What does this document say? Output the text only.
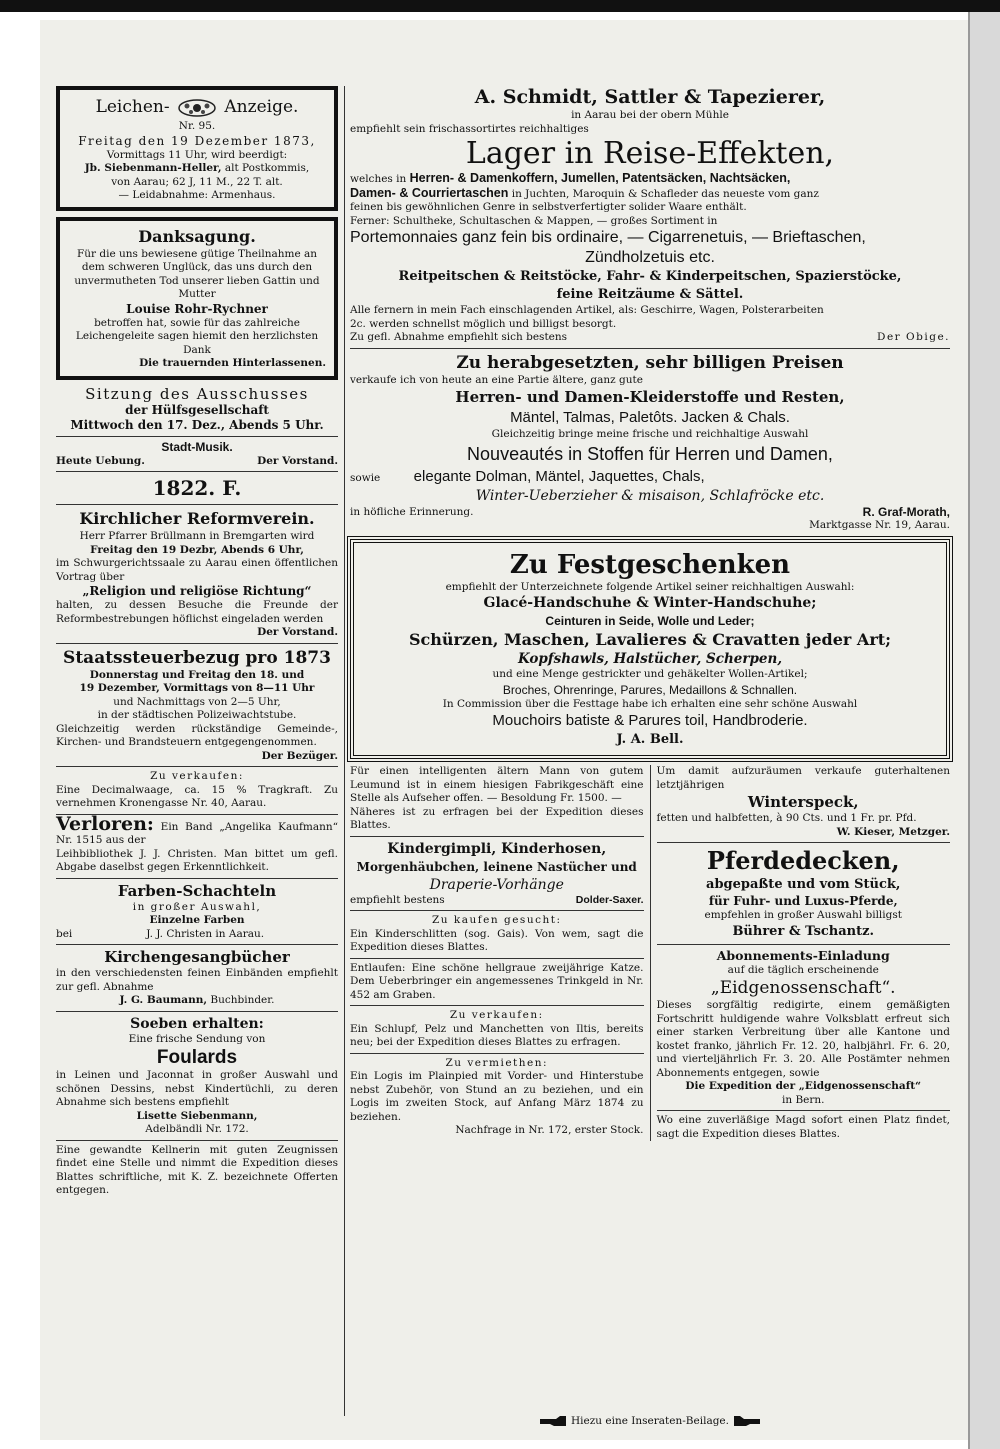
Leichen-	Anzeige.

Nr. 95.

Freitag den 19 Dezember 1873,

Vormittags 11 Uhr, wird beerdigt:

Jb. Siebenmann-Heller, alt Postkommis,

von Aarau; 62 J, 11 M., 22 T. alt.

— Leidabnahme: Armenhaus.

Danksagung.

Für die uns bewiesene gütige Theilnahme an dem schweren Unglück, das uns durch den unvermutheten Tod unserer lieben Gattin und Mutter

Louise Rohr-Rychner

betroffen hat, sowie für das zahlreiche Leichengeleite sagen hiemit den herzlichsten Dank

Die trauernden Hinterlassenen.

Sitzung des Ausschusses

der Hülfsgesellschaft

Mittwoch den 17. Dez., Abends 5 Uhr.

Stadt-Musik.

Heute Uebung.	Der Vorstand.

1822. F.

Kirchlicher Reformverein.

Herr Pfarrer Brüllmann in Bremgarten wird

Freitag den 19 Dezbr, Abends 6 Uhr,

im Schwurgerichtssaale zu Aarau einen öffentlichen Vortrag über

„Religion und religiöse Richtung“

halten, zu dessen Besuche die Freunde der Reformbestrebungen höflichst eingeladen werden

Der Vorstand.

Staatssteuerbezug pro 1873

Donnerstag und Freitag den 18. und

19 Dezember, Vormittags von 8—11 Uhr

und Nachmittags von 2—5 Uhr,

in der städtischen Polizeiwachtstube.

Gleichzeitig werden rückständige Gemeinde-, Kirchen- und Brandsteuern entgegengenommen.

Der Bezüger.

Zu verkaufen:

Eine Decimalwaage, ca. 15 % Tragkraft. Zu vernehmen Kronengasse Nr. 40, Aarau.

Verloren: Ein Band „Angelika Kaufmann“ Nr. 1515 aus der

Leihbibliothek J. J. Christen. Man bittet um gefl. Abgabe daselbst gegen Erkenntlichkeit.

Farben-Schachteln

in großer Auswahl,

Einzelne Farben

bei	J. J. Christen in Aarau.

Kirchengesangbücher

in den verschiedensten feinen Einbänden empfiehlt zur gefl. Abnahme

J. G. Baumann, Buchbinder.

Soeben erhalten:

Eine frische Sendung von

Foulards

in Leinen und Jaconnat in großer Auswahl und schönen Dessins, nebst Kindertüchli, zu deren Abnahme sich bestens empfiehlt

Lisette Siebenmann,

Adelbändli Nr. 172.

Eine gewandte Kellnerin mit guten Zeugnissen findet eine Stelle und nimmt die Expedition dieses Blattes schriftliche, mit K. Z. bezeichnete Offerten entgegen.

A. Schmidt, Sattler & Tapezierer,

in Aarau bei der obern Mühle

empfiehlt sein frischassortirtes reichhaltiges

Lager in Reise-Effekten,

welches in Herren- & Damenkoffern, Jumellen, Patentsäcken, Nachtsäcken,

Damen- & Courriertaschen in Juchten, Maroquin & Schafleder das neueste vom ganz

feinen bis gewöhnlichen Genre in selbstverfertigter solider Waare enthält.

Ferner: Schultheke, Schultaschen & Mappen, — großes Sortiment in

Portemonnaies ganz fein bis ordinaire, — Cigarrenetuis, — Brieftaschen,

Zündholzetuis etc.

Reitpeitschen & Reitstöcke, Fahr- & Kinderpeitschen, Spazierstöcke,

feine Reitzäume & Sättel.

Alle fernern in mein Fach einschlagenden Artikel, als: Geschirre, Wagen, Polsterarbeiten

2c. werden schnellst möglich und billigst besorgt.

Zu gefl. Abnahme empfiehlt sich bestens	Der Obige.

Zu herabgesetzten, sehr billigen Preisen

verkaufe ich von heute an eine Partie ältere, ganz gute

Herren- und Damen-Kleiderstoffe und Resten,

Mäntel, Talmas, Paletôts. Jacken & Chals.

Gleichzeitig bringe meine frische und reichhaltige Auswahl

Nouveautés in Stoffen für Herren und Damen,

sowie elegante Dolman, Mäntel, Jaquettes, Chals,

Winter-Ueberzieher & misaison, Schlafröcke etc.

in höfliche Erinnerung.	R. Graf-Morath,

Marktgasse Nr. 19, Aarau.

Zu Festgeschenken

empfiehlt der Unterzeichnete folgende Artikel seiner reichhaltigen Auswahl:

Glacé-Handschuhe & Winter-Handschuhe;

Ceinturen in Seide, Wolle und Leder;

Schürzen, Maschen, Lavalieres & Cravatten jeder Art;

Kopfshawls, Halstücher, Scherpen,

und eine Menge gestrickter und gehäkelter Wollen-Artikel;

Broches, Ohrenringe, Parures, Medaillons & Schnallen.

In Commission über die Festtage habe ich erhalten eine sehr schöne Auswahl

Mouchoirs batiste & Parures toil, Handbroderie.

J. A. Bell.

Für einen intelligenten ältern Mann von gutem Leumund ist in einem hiesigen Fabrikgeschäft eine Stelle als Aufseher offen. — Besoldung Fr. 1500. —

Näheres ist zu erfragen bei der Expedition dieses Blattes.

Kindergimpli, Kinderhosen,

Morgenhäubchen, leinene Nastücher und

Draperie-Vorhänge

empfiehlt bestens	Dolder-Saxer.

Zu kaufen gesucht:

Ein Kinderschlitten (sog. Gais). Von wem, sagt die Expedition dieses Blattes.

Entlaufen: Eine schöne hellgraue zweijährige Katze. Dem Ueberbringer ein angemessenes Trinkgeld in Nr. 452 am Graben.

Zu verkaufen:

Ein Schlupf, Pelz und Manchetten von Iltis, bereits neu; bei der Expedition dieses Blattes zu erfragen.

Zu vermiethen:

Ein Logis im Plainpied mit Vorder- und Hinterstube nebst Zubehör, von Stund an zu beziehen, und ein Logis im zweiten Stock, auf Anfang März 1874 zu beziehen.

Nachfrage in Nr. 172, erster Stock.

Um damit aufzuräumen verkaufe guterhaltenen letztjährigen

Winterspeck,

fetten und halbfetten, à 90 Cts. und 1 Fr. pr. Pfd.

W. Kieser, Metzger.

Pferdedecken,

abgepaßte und vom Stück,

für Fuhr- und Luxus-Pferde,

empfehlen in großer Auswahl billigst

Bührer & Tschantz.

Abonnements-Einladung

auf die täglich erscheinende

„Eidgenossenschaft“.

Dieses sorgfältig redigirte, einem gemäßigten Fortschritt huldigende wahre Volksblatt erfreut sich einer starken Verbreitung über alle Kantone und kostet franko, jährlich Fr. 12. 20, halbjährl. Fr. 6. 20, und vierteljährlich Fr. 3. 20. Alle Postämter nehmen Abonnements entgegen, sowie

Die Expedition der „Eidgenossenschaft“

in Bern.

Wo eine zuverläßige Magd sofort einen Platz findet, sagt die Expedition dieses Blattes.

Hiezu eine Inseraten-Beilage.
